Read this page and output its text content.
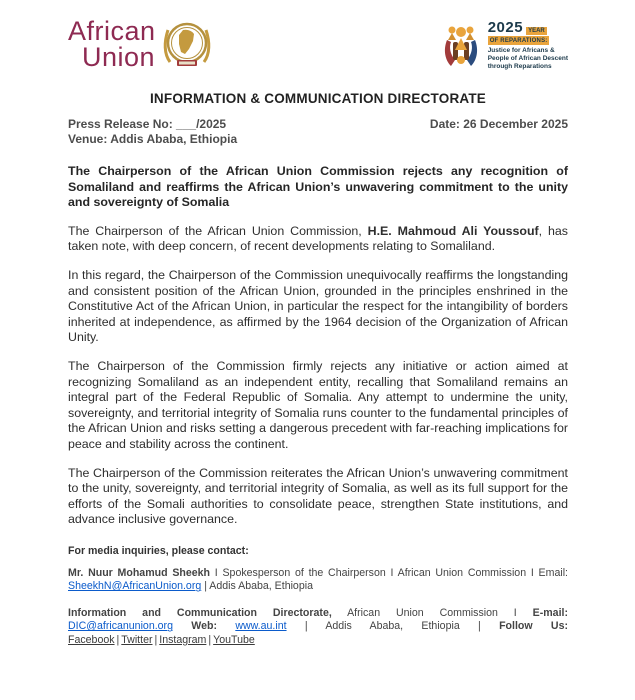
African
Union
2025 YEAR
OF REPARATIONS:
Justice for Africans &
People of African Descent
through Reparations
INFORMATION & COMMUNICATION DIRECTORATE
Press Release No: ___/2025	Date: 26 December 2025
Venue: Addis Ababa, Ethiopia
The Chairperson of the African Union Commission rejects any recognition of Somaliland and reaffirms the African Union’s unwavering commitment to the unity and sovereignty of Somalia

The Chairperson of the African Union Commission, H.E. Mahmoud Ali Youssouf, has taken note, with deep concern, of recent developments relating to Somaliland.

In this regard, the Chairperson of the Commission unequivocally reaffirms the longstanding and consistent position of the African Union, grounded in the principles enshrined in the Constitutive Act of the African Union, in particular the respect for the intangibility of borders inherited at independence, as affirmed by the 1964 decision of the Organization of African Unity.

The Chairperson of the Commission firmly rejects any initiative or action aimed at recognizing Somaliland as an independent entity, recalling that Somaliland remains an integral part of the Federal Republic of Somalia. Any attempt to undermine the unity, sovereignty, and territorial integrity of Somalia runs counter to the fundamental principles of the African Union and risks setting a dangerous precedent with far-reaching implications for peace and stability across the continent.

The Chairperson of the Commission reiterates the African Union’s unwavering commitment to the unity, sovereignty, and territorial integrity of Somalia, as well as its full support for the efforts of the Somali authorities to consolidate peace, strengthen State institutions, and advance inclusive governance.

For media inquiries, please contact:

Mr. Nuur Mohamud Sheekh I Spokesperson of the Chairperson I African Union Commission I Email: SheekhN@AfricanUnion.org | Addis Ababa, Ethiopia

Information and Communication Directorate, African Union Commission I E-mail: DIC@africanunion.org Web: www.au.int | Addis Ababa, Ethiopia | Follow Us: Facebook | Twitter | Instagram | YouTube
